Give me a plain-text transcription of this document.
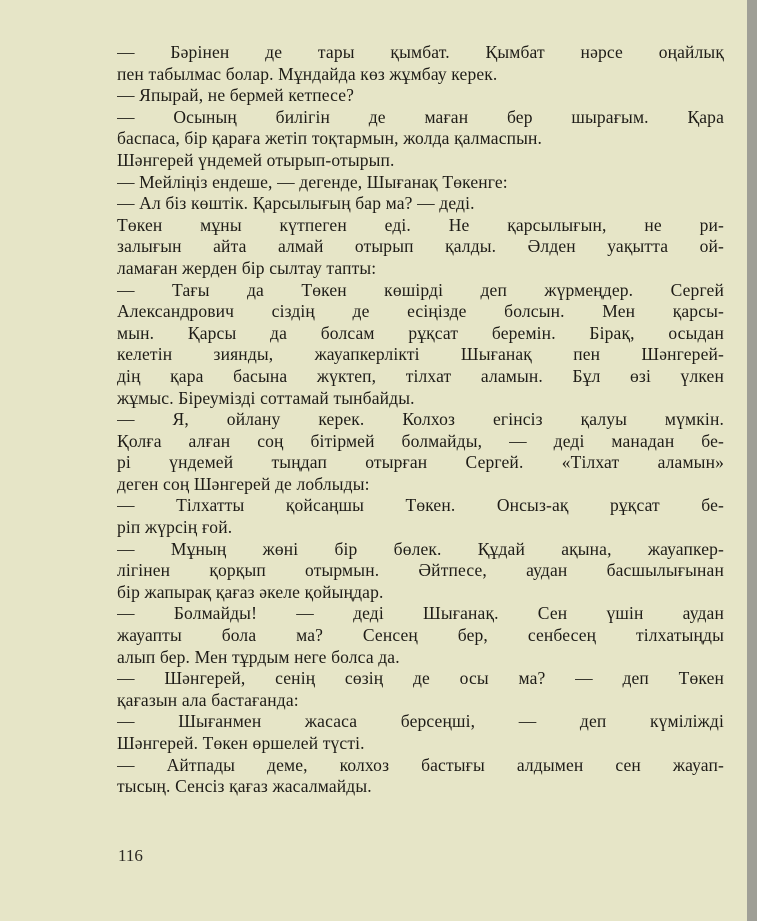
— Бәрінен де тары қымбат. Қымбат нәрсе оңайлық
пен табылмас болар. Мұндайда көз жұмбау керек.
— Япырай, не бермей кетпесе?
— Осының билігін де маған бер шырағым. Қара
баспаса, бір қараға жетіп тоқтармын, жолда қалмаспын.
Шәнгерей үндемей отырып-отырып.
— Мейліңіз ендеше, — дегенде, Шығанақ Төкенге:
— Ал біз көштік. Қарсылығың бар ма? — деді.
Төкен мұны күтпеген еді. Не қарсылығын, не ри-
залығын айта алмай отырып қалды. Әлден уақытта ой-
ламаған жерден бір сылтау тапты:
— Тағы да Төкен көшірді деп жүрмеңдер. Сергей
Александрович сіздің де есіңізде болсын. Мен қарсы-
мын. Қарсы да болсам рұқсат беремін. Бірақ, осыдан
келетін зиянды, жауапкерлікті Шығанақ пен Шәнгерей-
дің қара басына жүктеп, тілхат аламын. Бұл өзі үлкен
жұмыс. Біреумізді соттамай тынбайды.
— Я, ойлану керек. Колхоз егінсіз қалуы мүмкін.
Қолға алған соң бітірмей болмайды, — деді манадан бе-
рі үндемей тыңдап отырған Сергей. «Тілхат аламын»
деген соң Шәнгерей де лоблыды:
— Тілхатты қойсаңшы Төкен. Онсыз-ақ рұқсат бе-
ріп жүрсің ғой.
— Мұның жөні бір бөлек. Құдай ақына, жауапкер-
лігінен қорқып отырмын. Әйтпесе, аудан басшылығынан
бір жапырақ қағаз әкеле қойыңдар.
— Болмайды! — деді Шығанақ. Сен үшін аудан
жауапты бола ма? Сенсең бер, сенбесең тілхатыңды
алып бер. Мен тұрдым неге болса да.
— Шәнгерей, сенің сөзің де осы ма? — деп Төкен
қағазын ала бастағанда:
— Шығанмен жасаса берсеңші, — деп күміліжді
Шәнгерей. Төкен өршелей түсті.
— Айтпады деме, колхоз бастығы алдымен сен жауап-
тысың. Сенсіз қағаз жасалмайды.
116
